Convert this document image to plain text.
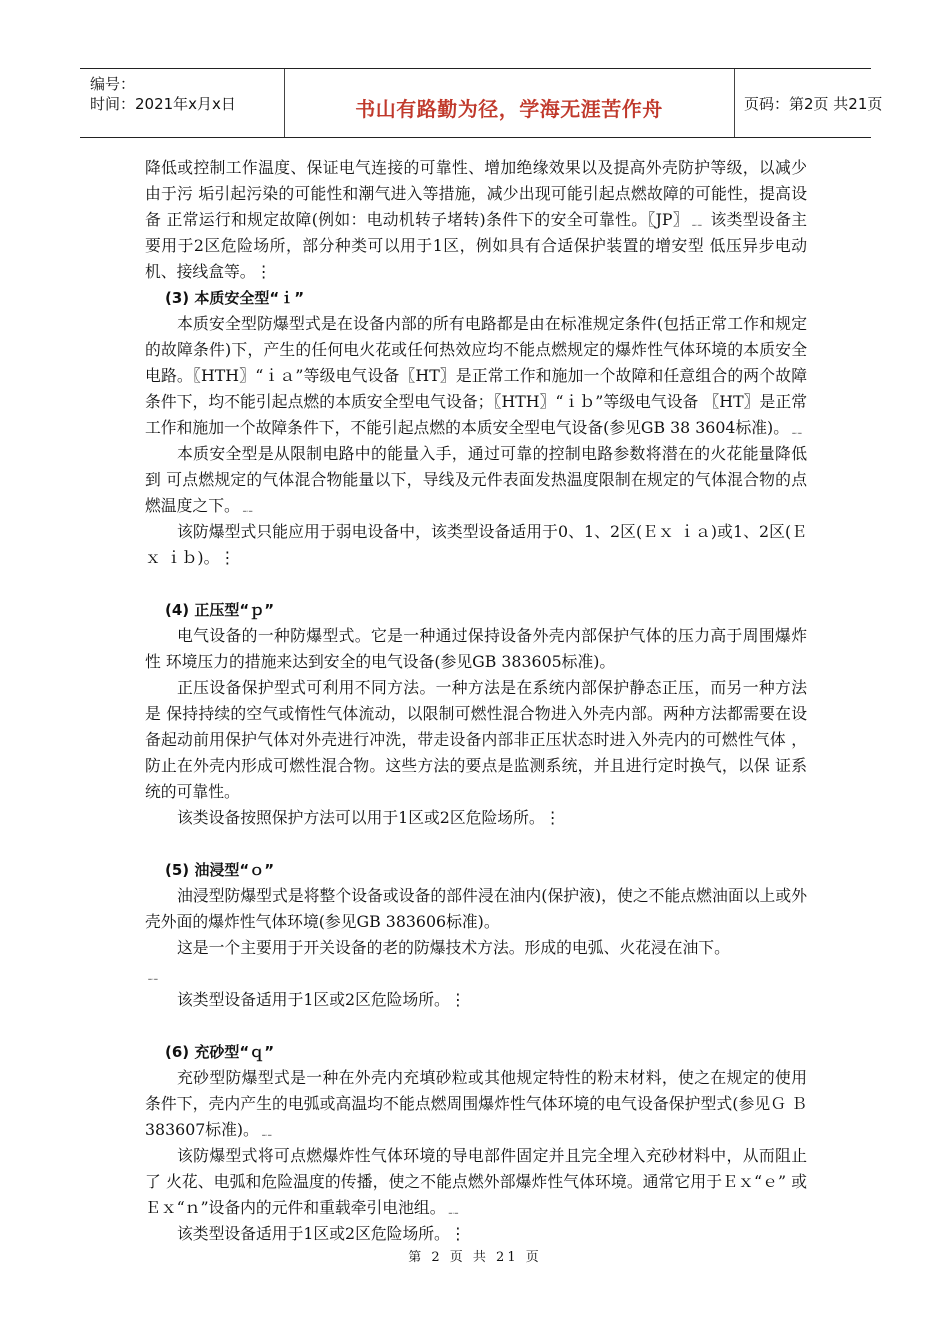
编号：
时间：2021年x月x日	书山有路勤为径，学海无涯苦作舟	页码：第2页 共21页

降低或控制工作温度、保证电气连接的可靠性、增加绝缘效果以及提高外壳防护等级，以减少由于污 垢引起污染的可能性和潮气进入等措施，减少出现可能引起点燃故障的可能性，提高设备 正常运行和规定故障(例如：电动机转子堵转)条件下的安全可靠性。〖JP〗﹎ 该类型设备主要用于2区危险场所，部分种类可以用于1区，例如具有合适保护装置的增安型 低压异步电动机、接线盒等。⋮

(3) 本质安全型“ｉ”

本质安全型防爆型式是在设备内部的所有电路都是由在标准规定条件(包括正常工作和规定 的故障条件)下，产生的任何电火花或任何热效应均不能点燃规定的爆炸性气体环境的本质安全电路。〖HTH〗“ｉａ”等级电气设备〖HT〗是正常工作和施加一个故障和任意组合的两个故障条件下，均不能引起点燃的本质安全型电气设备；〖HTH〗“ｉｂ”等级电气设备 〖HT〗是正常工作和施加一个故障条件下，不能引起点燃的本质安全型电气设备(参见GB 38 3604标准)。﹎

本质安全型是从限制电路中的能量入手，通过可靠的控制电路参数将潜在的火花能量降低到 可点燃规定的气体混合物能量以下，导线及元件表面发热温度限制在规定的气体混合物的点 燃温度之下。﹎

该防爆型式只能应用于弱电设备中，该类型设备适用于0、1、2区(Ｅｘ ｉａ)或1、2区(Ｅｘ ｉｂ)。⋮

(4) 正压型“ｐ”

电气设备的一种防爆型式。它是一种通过保持设备外壳内部保护气体的压力高于周围爆炸性 环境压力的措施来达到安全的电气设备(参见GB 383605标准)。

正压设备保护型式可利用不同方法。一种方法是在系统内部保护静态正压，而另一种方法是 保持持续的空气或惰性气体流动，以限制可燃性混合物进入外壳内部。两种方法都需要在设 备起动前用保护气体对外壳进行冲洗，带走设备内部非正压状态时进入外壳内的可燃性气体 ，防止在外壳内形成可燃性混合物。这些方法的要点是监测系统，并且进行定时换气，以保 证系统的可靠性。

该类设备按照保护方法可以用于1区或2区危险场所。⋮

(5) 油浸型“ｏ”

油浸型防爆型式是将整个设备或设备的部件浸在油内(保护液)，使之不能点燃油面以上或外 壳外面的爆炸性气体环境(参见GB 383606标准)。

这是一个主要用于开关设备的老的防爆技术方法。形成的电弧、火花浸在油下。

﹎

该类型设备适用于1区或2区危险场所。⋮

(6) 充砂型“ｑ”

充砂型防爆型式是一种在外壳内充填砂粒或其他规定特性的粉末材料，使之在规定的使用 条件下，壳内产生的电弧或高温均不能点燃周围爆炸性气体环境的电气设备保护型式(参见Ｇ Ｂ 383607标准)。﹎

该防爆型式将可点燃爆炸性气体环境的导电部件固定并且完全埋入充砂材料中，从而阻止了 火花、电弧和危险温度的传播，使之不能点燃外部爆炸性气体环境。通常它用于Ｅｘ“ｅ” 或Ｅｘ“ｎ”设备内的元件和重载牵引电池组。﹎

该类型设备适用于1区或2区危险场所。⋮

第 2 页 共 21 页
